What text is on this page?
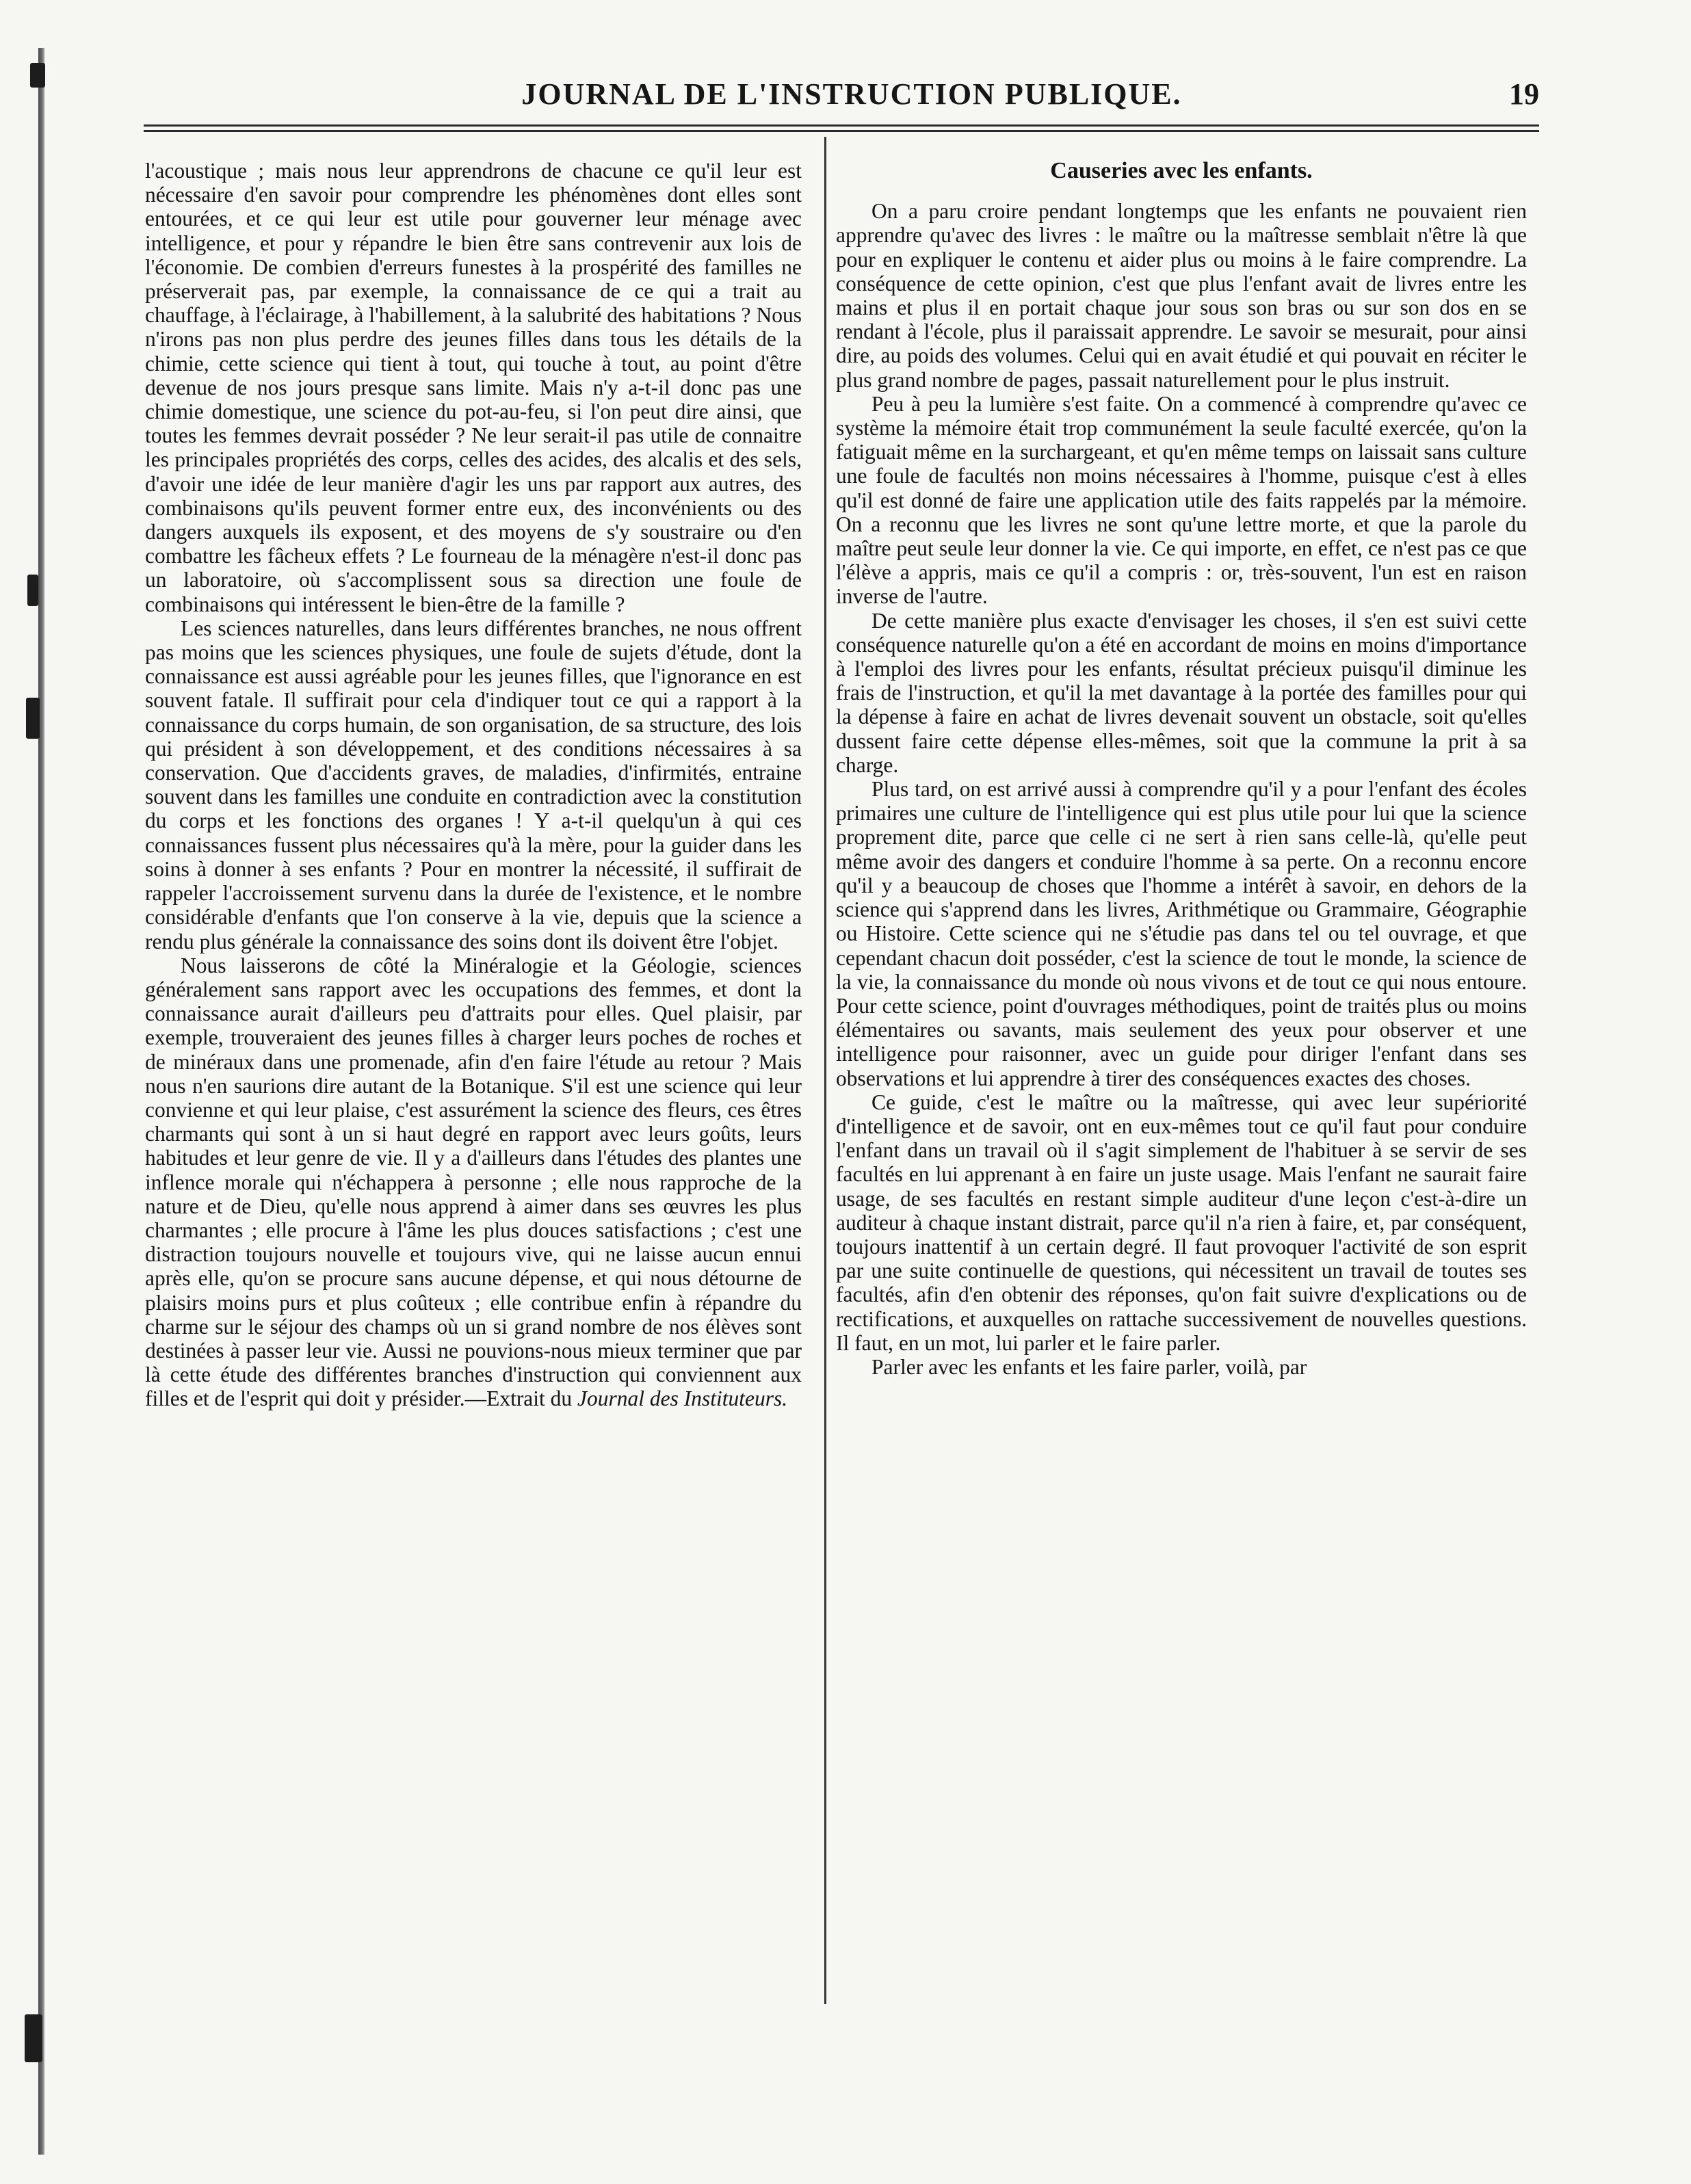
JOURNAL DE L'INSTRUCTION PUBLIQUE.	19

l'acoustique ; mais nous leur apprendrons de chacune ce qu'il leur est nécessaire d'en savoir pour comprendre les phénomènes dont elles sont entourées, et ce qui leur est utile pour gouverner leur ménage avec intelligence, et pour y répandre le bien être sans contrevenir aux lois de l'économie. De combien d'erreurs funestes à la prospérité des familles ne préserverait pas, par exemple, la connaissance de ce qui a trait au chauffage, à l'éclairage, à l'habillement, à la salubrité des habitations ? Nous n'irons pas non plus perdre des jeunes filles dans tous les détails de la chimie, cette science qui tient à tout, qui touche à tout, au point d'être devenue de nos jours presque sans limite. Mais n'y a-t-il donc pas une chimie domestique, une science du pot-au-feu, si l'on peut dire ainsi, que toutes les femmes devrait posséder ? Ne leur serait-il pas utile de connaitre les principales propriétés des corps, celles des acides, des alcalis et des sels, d'avoir une idée de leur manière d'agir les uns par rapport aux autres, des combinaisons qu'ils peuvent former entre eux, des inconvénients ou des dangers auxquels ils exposent, et des moyens de s'y soustraire ou d'en combattre les fâcheux effets ? Le fourneau de la ménagère n'est-il donc pas un laboratoire, où s'accomplissent sous sa direction une foule de combinaisons qui intéressent le bien-être de la famille ?

Les sciences naturelles, dans leurs différentes branches, ne nous offrent pas moins que les sciences physiques, une foule de sujets d'étude, dont la connaissance est aussi agréable pour les jeunes filles, que l'ignorance en est souvent fatale. Il suffirait pour cela d'indiquer tout ce qui a rapport à la connaissance du corps humain, de son organisation, de sa structure, des lois qui président à son développement, et des conditions nécessaires à sa conservation. Que d'accidents graves, de maladies, d'infirmités, entraine souvent dans les familles une conduite en contradiction avec la constitution du corps et les fonctions des organes ! Y a-t-il quelqu'un à qui ces connaissances fussent plus nécessaires qu'à la mère, pour la guider dans les soins à donner à ses enfants ? Pour en montrer la nécessité, il suffirait de rappeler l'accroissement survenu dans la durée de l'existence, et le nombre considérable d'enfants que l'on conserve à la vie, depuis que la science a rendu plus générale la connaissance des soins dont ils doivent être l'objet.

Nous laisserons de côté la Minéralogie et la Géologie, sciences généralement sans rapport avec les occupations des femmes, et dont la connaissance aurait d'ailleurs peu d'attraits pour elles. Quel plaisir, par exemple, trouveraient des jeunes filles à charger leurs poches de roches et de minéraux dans une promenade, afin d'en faire l'étude au retour ? Mais nous n'en saurions dire autant de la Botanique. S'il est une science qui leur convienne et qui leur plaise, c'est assurément la science des fleurs, ces êtres charmants qui sont à un si haut degré en rapport avec leurs goûts, leurs habitudes et leur genre de vie. Il y a d'ailleurs dans l'études des plantes une inflence morale qui n'échappera à personne ; elle nous rapproche de la nature et de Dieu, qu'elle nous apprend à aimer dans ses œuvres les plus charmantes ; elle procure à l'âme les plus douces satisfactions ; c'est une distraction toujours nouvelle et toujours vive, qui ne laisse aucun ennui après elle, qu'on se procure sans aucune dépense, et qui nous détourne de plaisirs moins purs et plus coûteux ; elle contribue enfin à répandre du charme sur le séjour des champs où un si grand nombre de nos élèves sont destinées à passer leur vie. Aussi ne pouvions-nous mieux terminer que par là cette étude des différentes branches d'instruction qui conviennent aux filles et de l'esprit qui doit y présider.—Extrait du Journal des Instituteurs.

Causeries avec les enfants.

On a paru croire pendant longtemps que les enfants ne pouvaient rien apprendre qu'avec des livres : le maître ou la maîtresse semblait n'être là que pour en expliquer le contenu et aider plus ou moins à le faire comprendre. La conséquence de cette opinion, c'est que plus l'enfant avait de livres entre les mains et plus il en portait chaque jour sous son bras ou sur son dos en se rendant à l'école, plus il paraissait apprendre. Le savoir se mesurait, pour ainsi dire, au poids des volumes. Celui qui en avait étudié et qui pouvait en réciter le plus grand nombre de pages, passait naturellement pour le plus instruit.

Peu à peu la lumière s'est faite. On a commencé à comprendre qu'avec ce système la mémoire était trop communément la seule faculté exercée, qu'on la fatiguait même en la surchargeant, et qu'en même temps on laissait sans culture une foule de facultés non moins nécessaires à l'homme, puisque c'est à elles qu'il est donné de faire une application utile des faits rappelés par la mémoire. On a reconnu que les livres ne sont qu'une lettre morte, et que la parole du maître peut seule leur donner la vie. Ce qui importe, en effet, ce n'est pas ce que l'élève a appris, mais ce qu'il a compris : or, très-souvent, l'un est en raison inverse de l'autre.

De cette manière plus exacte d'envisager les choses, il s'en est suivi cette conséquence naturelle qu'on a été en accordant de moins en moins d'importance à l'emploi des livres pour les enfants, résultat précieux puisqu'il diminue les frais de l'instruction, et qu'il la met davantage à la portée des familles pour qui la dépense à faire en achat de livres devenait souvent un obstacle, soit qu'elles dussent faire cette dépense elles-mêmes, soit que la commune la prit à sa charge.

Plus tard, on est arrivé aussi à comprendre qu'il y a pour l'enfant des écoles primaires une culture de l'intelligence qui est plus utile pour lui que la science proprement dite, parce que celle ci ne sert à rien sans celle-là, qu'elle peut même avoir des dangers et conduire l'homme à sa perte. On a reconnu encore qu'il y a beaucoup de choses que l'homme a intérêt à savoir, en dehors de la science qui s'apprend dans les livres, Arithmétique ou Grammaire, Géographie ou Histoire. Cette science qui ne s'étudie pas dans tel ou tel ouvrage, et que cependant chacun doit posséder, c'est la science de tout le monde, la science de la vie, la connaissance du monde où nous vivons et de tout ce qui nous entoure. Pour cette science, point d'ouvrages méthodiques, point de traités plus ou moins élémentaires ou savants, mais seulement des yeux pour observer et une intelligence pour raisonner, avec un guide pour diriger l'enfant dans ses observations et lui apprendre à tirer des conséquences exactes des choses.

Ce guide, c'est le maître ou la maîtresse, qui avec leur supériorité d'intelligence et de savoir, ont en eux-mêmes tout ce qu'il faut pour conduire l'enfant dans un travail où il s'agit simplement de l'habituer à se servir de ses facultés en lui apprenant à en faire un juste usage. Mais l'enfant ne saurait faire usage, de ses facultés en restant simple auditeur d'une leçon c'est-à-dire un auditeur à chaque instant distrait, parce qu'il n'a rien à faire, et, par conséquent, toujours inattentif à un certain degré. Il faut provoquer l'activité de son esprit par une suite continuelle de questions, qui nécessitent un travail de toutes ses facultés, afin d'en obtenir des réponses, qu'on fait suivre d'explications ou de rectifications, et auxquelles on rattache successivement de nouvelles questions. Il faut, en un mot, lui parler et le faire parler.

Parler avec les enfants et les faire parler, voilà, par
